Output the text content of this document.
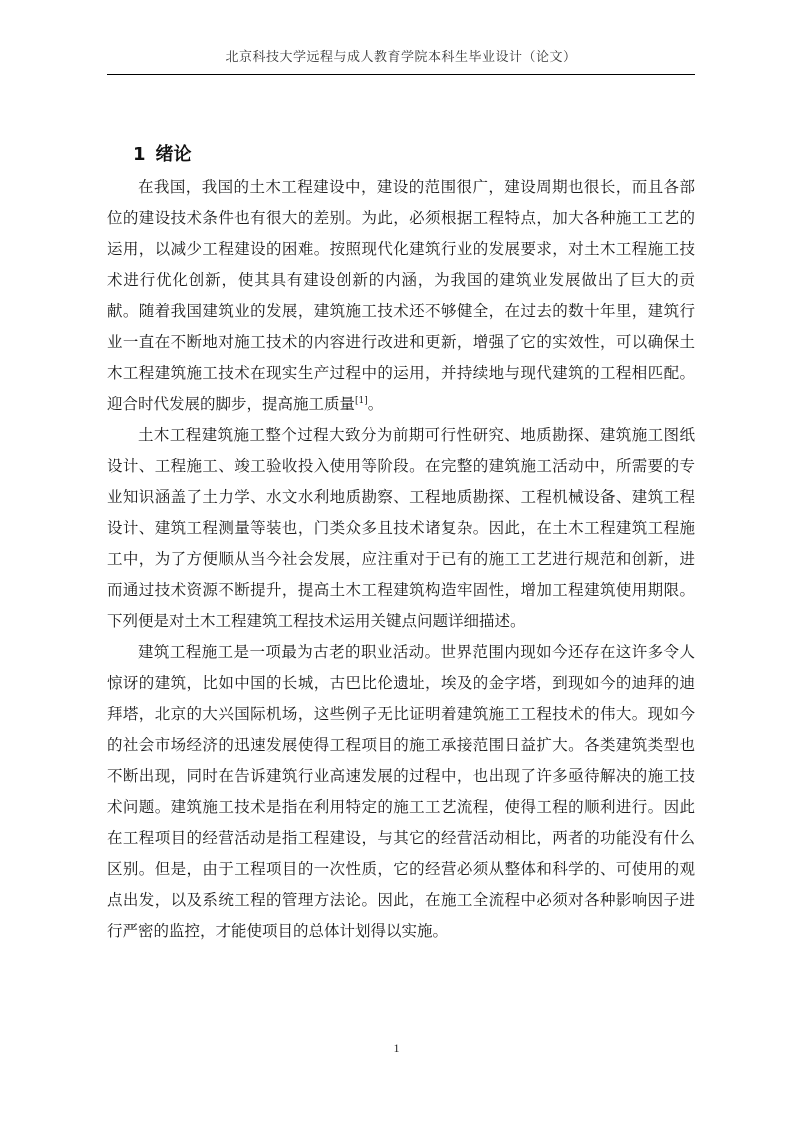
北京科技大学远程与成人教育学院本科生毕业设计（论文）
1 绪论

在我国，我国的土木工程建设中，建设的范围很广，建设周期也很长，而且各部位的建设技术条件也有很大的差别。为此，必须根据工程特点，加大各种施工工艺的运用，以减少工程建设的困难。按照现代化建筑行业的发展要求，对土木工程施工技术进行优化创新，使其具有建设创新的内涵，为我国的建筑业发展做出了巨大的贡献。随着我国建筑业的发展，建筑施工技术还不够健全，在过去的数十年里，建筑行业一直在不断地对施工技术的内容进行改进和更新，增强了它的实效性，可以确保土木工程建筑施工技术在现实生产过程中的运用，并持续地与现代建筑的工程相匹配。迎合时代发展的脚步，提高施工质量[1]。

土木工程建筑施工整个过程大致分为前期可行性研究、地质勘探、建筑施工图纸设计、工程施工、竣工验收投入使用等阶段。在完整的建筑施工活动中，所需要的专业知识涵盖了土力学、水文水利地质勘察、工程地质勘探、工程机械设备、建筑工程设计、建筑工程测量等装也，门类众多且技术诸复杂。因此，在土木工程建筑工程施工中，为了方便顺从当今社会发展，应注重对于已有的施工工艺进行规范和创新，进而通过技术资源不断提升，提高土木工程建筑构造牢固性，增加工程建筑使用期限。下列便是对土木工程建筑工程技术运用关键点问题详细描述。

建筑工程施工是一项最为古老的职业活动。世界范围内现如今还存在这许多令人惊讶的建筑，比如中国的长城，古巴比伦遗址，埃及的金字塔，到现如今的迪拜的迪拜塔，北京的大兴国际机场，这些例子无比证明着建筑施工工程技术的伟大。现如今的社会市场经济的迅速发展使得工程项目的施工承接范围日益扩大。各类建筑类型也不断出现，同时在告诉建筑行业高速发展的过程中，也出现了许多亟待解决的施工技术问题。建筑施工技术是指在利用特定的施工工艺流程，使得工程的顺利进行。因此在工程项目的经营活动是指工程建设，与其它的经营活动相比，两者的功能没有什么区别。但是，由于工程项目的一次性质，它的经营必须从整体和科学的、可使用的观点出发，以及系统工程的管理方法论。因此，在施工全流程中必须对各种影响因子进行严密的监控，才能使项目的总体计划得以实施。

1
